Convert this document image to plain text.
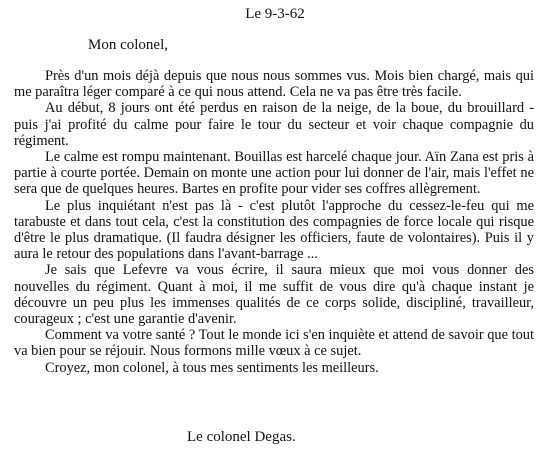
Le 9-3-62
Mon colonel,

Près d'un mois déjà depuis que nous nous sommes vus. Mois bien chargé, mais qui me paraîtra léger comparé à ce qui nous attend. Cela ne va pas être très facile.

Au début, 8 jours ont été perdus en raison de la neige, de la boue, du brouillard - puis j'ai profité du calme pour faire le tour du secteur et voir chaque compagnie du régiment.

Le calme est rompu maintenant. Bouillas est harcelé chaque jour. Aïn Zana est pris à partie à courte portée. Demain on monte une action pour lui donner de l'air, mais l'effet ne sera que de quelques heures. Bartes en profite pour vider ses coffres allègrement.

Le plus inquiétant n'est pas là - c'est plutôt l'approche du cessez-le-feu qui me tarabuste et dans tout cela, c'est la constitution des compagnies de force locale qui risque d'être le plus dramatique. (Il faudra désigner les officiers, faute de volontaires). Puis il y aura le retour des populations dans l'avant-barrage ...

Je sais que Lefevre va vous écrire, il saura mieux que moi vous donner des nouvelles du régiment. Quant à moi, il me suffit de vous dire qu'à chaque instant je découvre un peu plus les immenses qualités de ce corps solide, discipliné, travailleur, courageux ; c'est une garantie d'avenir.

Comment va votre santé ? Tout le monde ici s'en inquiète et attend de savoir que tout va bien pour se réjouir. Nous formons mille vœux à ce sujet.

Croyez, mon colonel, à tous mes sentiments les meilleurs.

Le colonel Degas.
